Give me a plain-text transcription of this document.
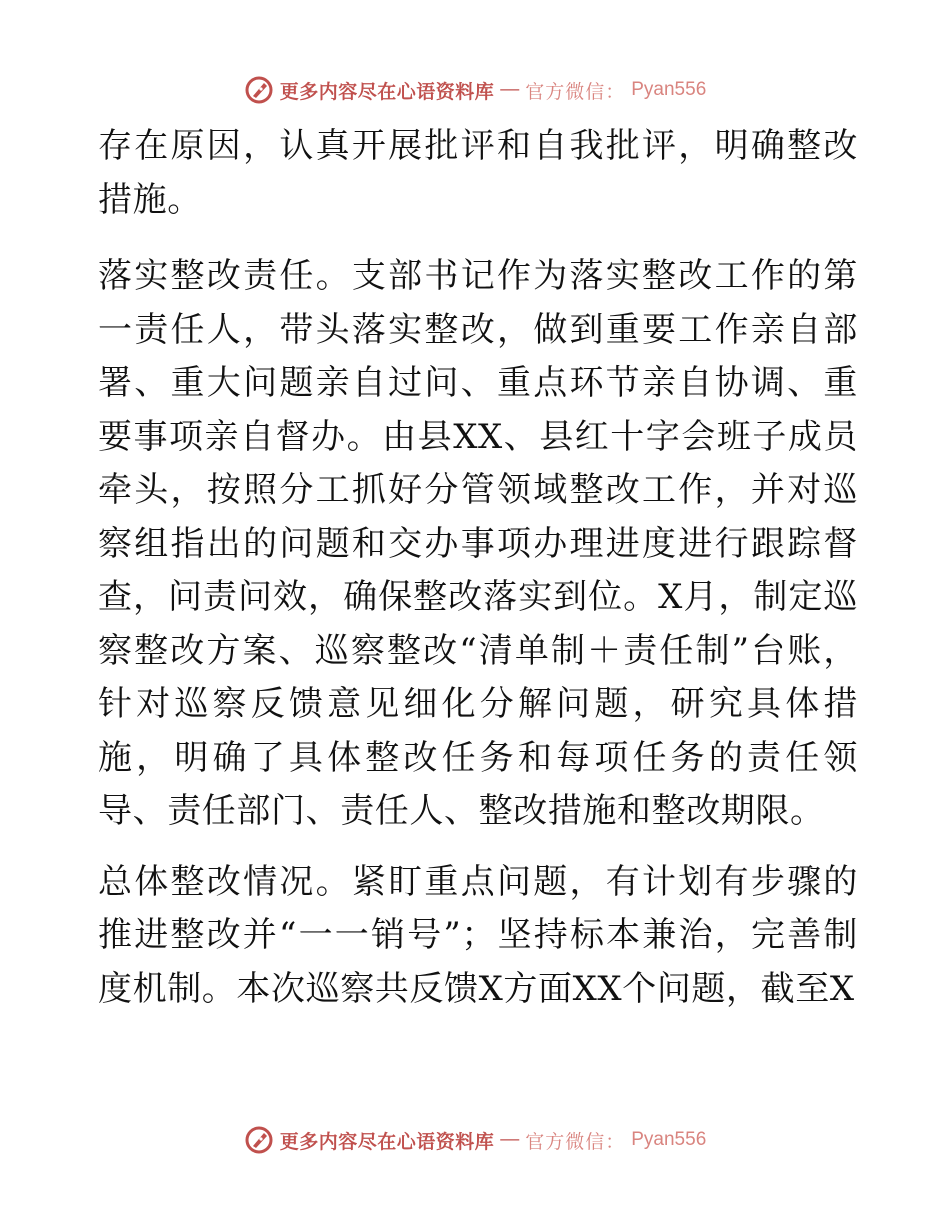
更多内容尽在心语资料库 — 官方微信： Pyan556

存在原因，认真开展批评和自我批评，明确整改措施。

落实整改责任。支部书记作为落实整改工作的第一责任人，带头落实整改，做到重要工作亲自部署、重大问题亲自过问、重点环节亲自协调、重要事项亲自督办。由县XX、县红十字会班子成员牵头，按照分工抓好分管领域整改工作，并对巡察组指出的问题和交办事项办理进度进行跟踪督查，问责问效，确保整改落实到位。X月，制定巡察整改方案、巡察整改“清单制＋责任制”台账，针对巡察反馈意见细化分解问题，研究具体措施，明确了具体整改任务和每项任务的责任领导、责任部门、责任人、整改措施和整改期限。

总体整改情况。紧盯重点问题，有计划有步骤的推进整改并“一一销号”；坚持标本兼治，完善制度机制。本次巡察共反馈X方面XX个问题，截至X

更多内容尽在心语资料库 — 官方微信： Pyan556
